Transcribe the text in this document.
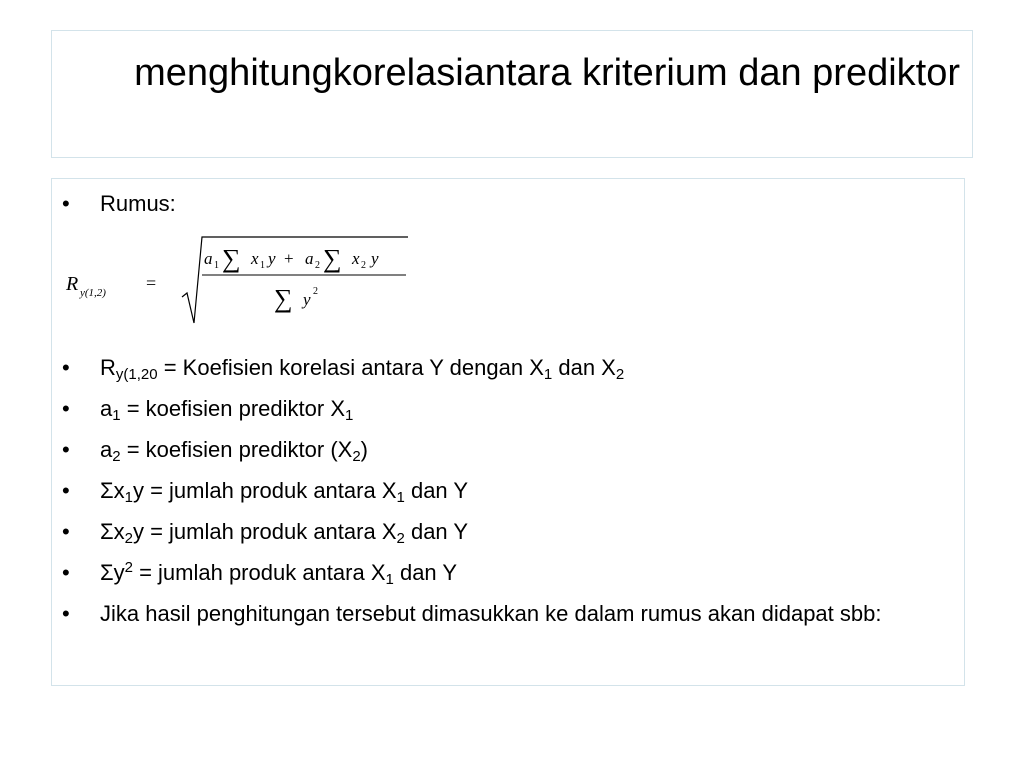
menghitungkorelasiantara kriterium dan prediktor
•	Rumus:
R y(1,2) =
a 1 ∑ x 1 y + a 2 ∑ x 2 y
∑ y 2
•	$R_{y(1,20}$ = Koefisien korelasi antara Y dengan $X_1$ dan $X_2$
•	$a_1$ = koefisien prediktor $X_1$
•	$a_2$ = koefisien prediktor $(X_2)$
•	$\Sigma x_1y$ = jumlah produk antara $X_1$ dan Y
•	$\Sigma x_2y$ = jumlah produk antara $X_2$ dan Y
•	$\Sigma y^2$ = jumlah produk antara $X_1$ dan Y
•	Jika hasil penghitungan tersebut dimasukkan ke dalam rumus akan didapat sbb:
